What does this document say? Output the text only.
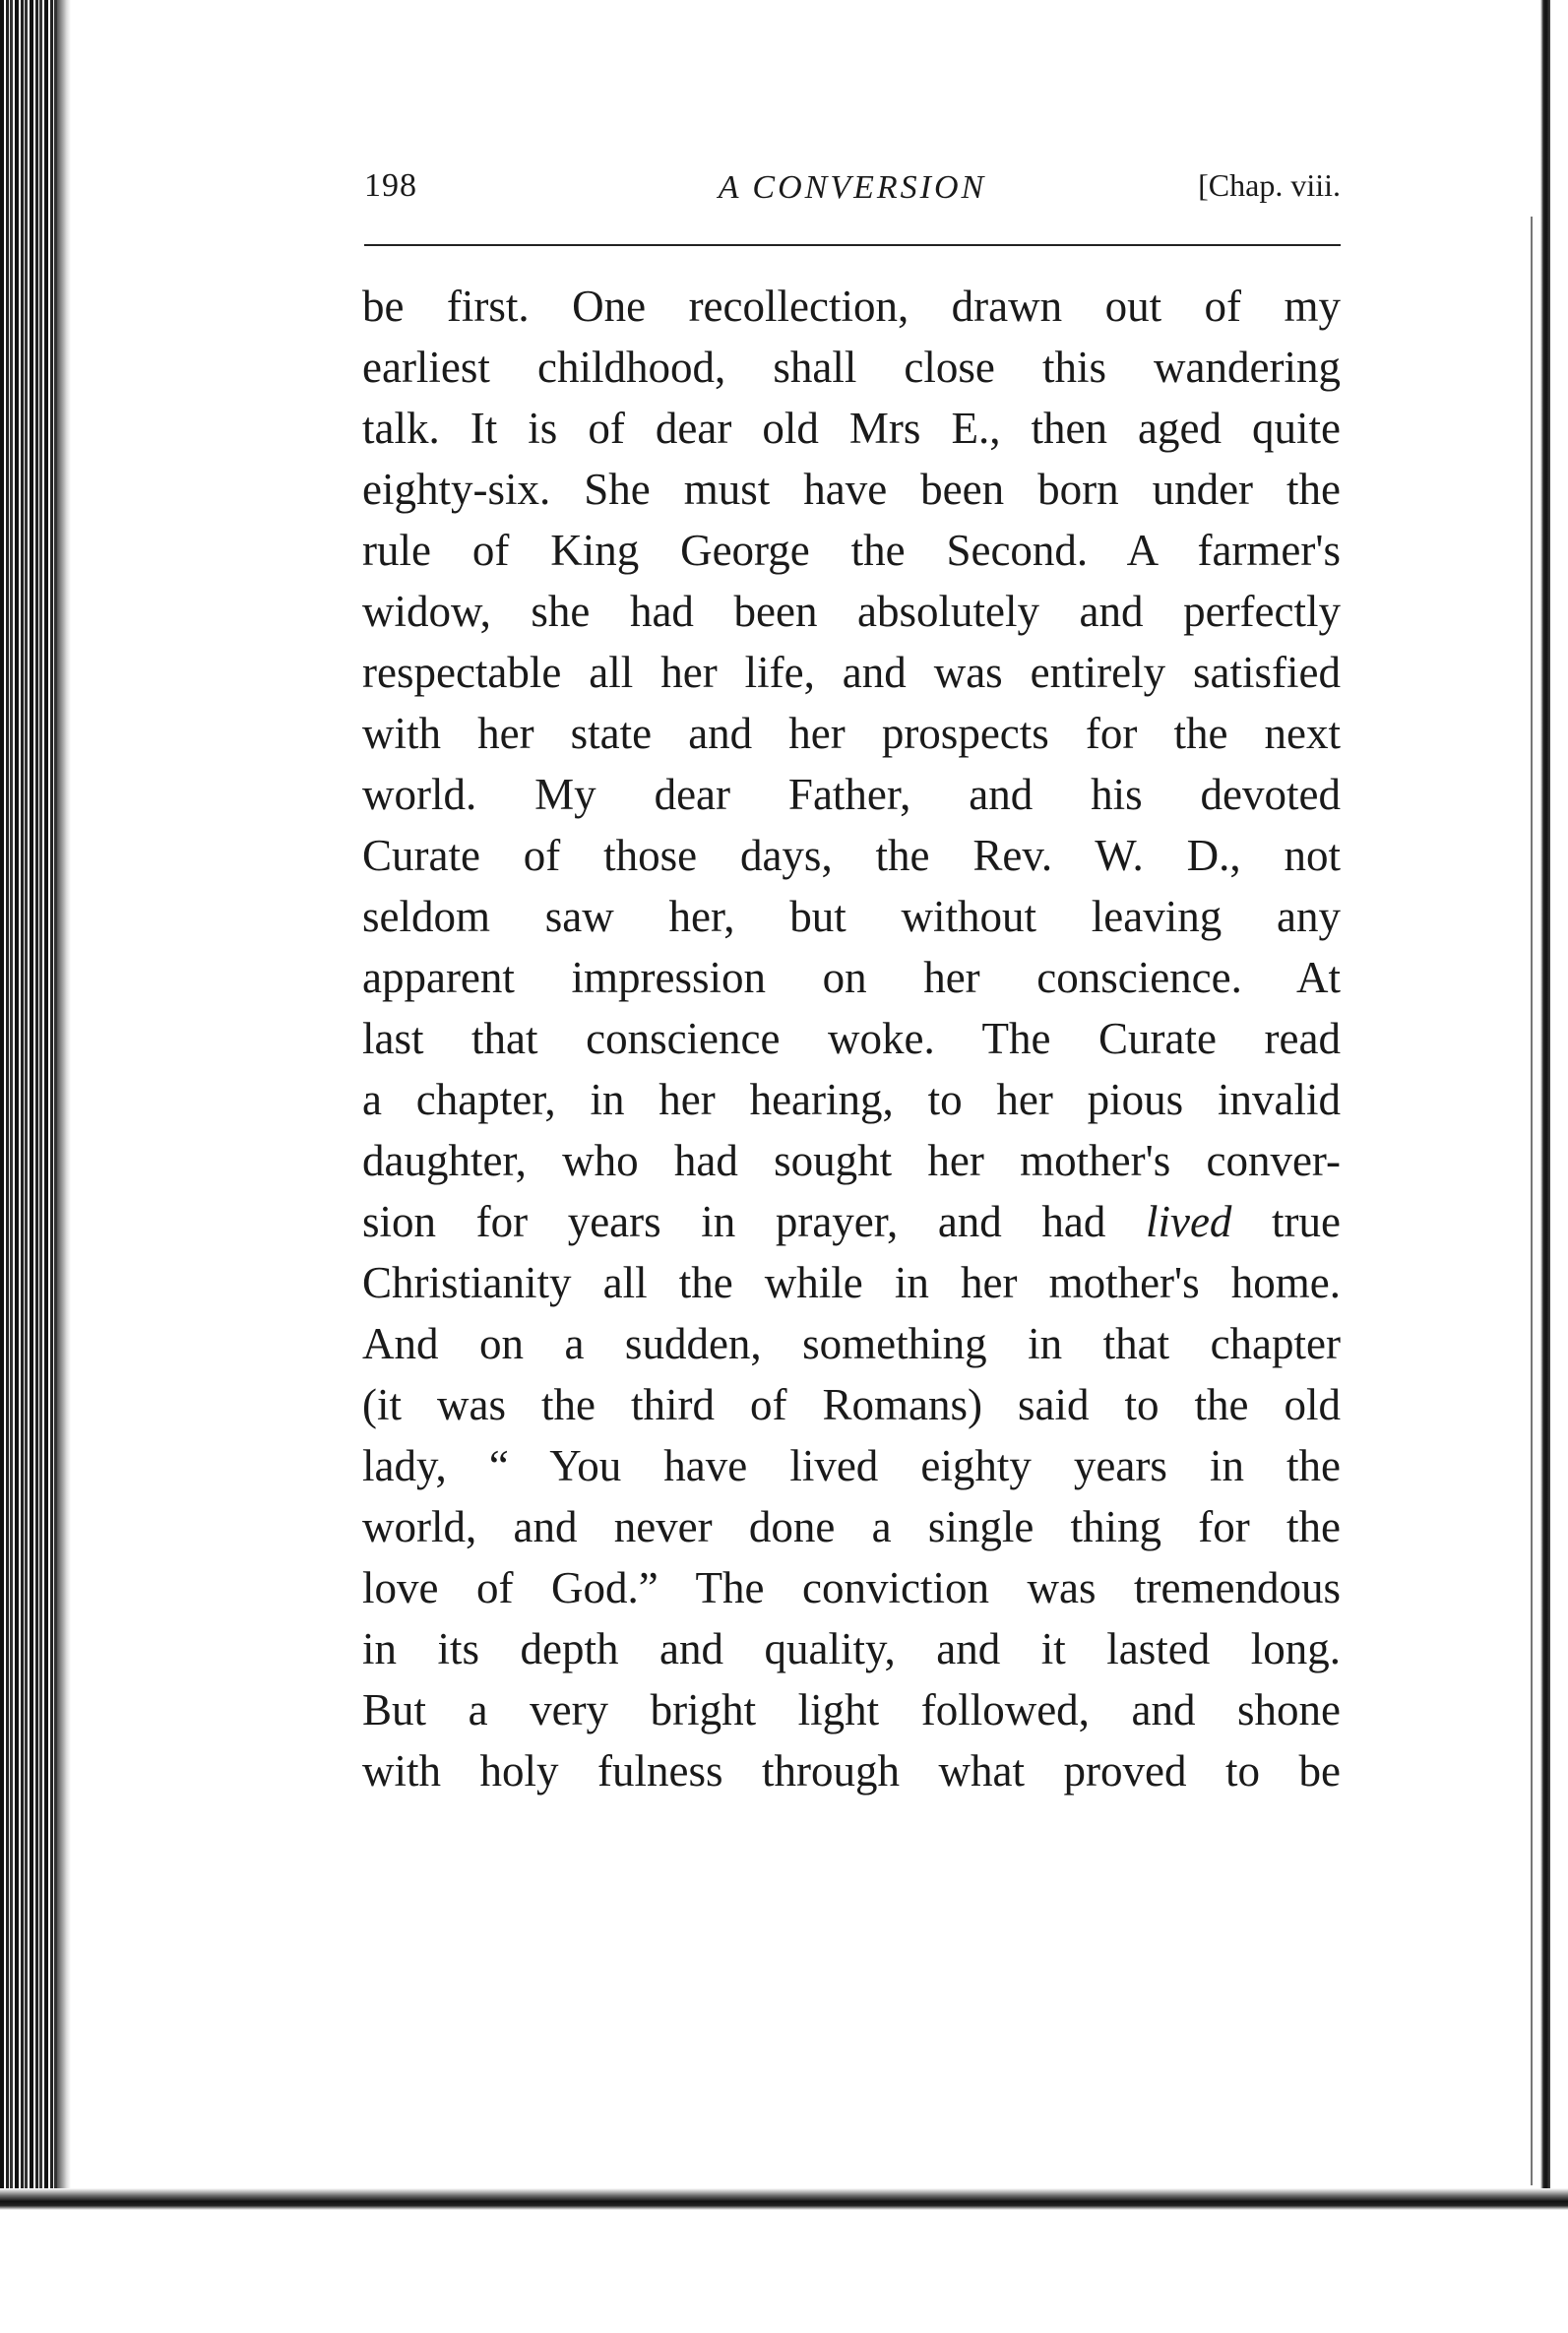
198	A CONVERSION	[Chap. viii.
be first. One recollection, drawn out of my
earliest childhood, shall close this wandering
talk. It is of dear old Mrs E., then aged quite
eighty-six. She must have been born under the
rule of King George the Second. A farmer's
widow, she had been absolutely and perfectly
respectable all her life, and was entirely satisfied
with her state and her prospects for the next
world. My dear Father, and his devoted
Curate of those days, the Rev. W. D., not
seldom saw her, but without leaving any
apparent impression on her conscience. At
last that conscience woke. The Curate read
a chapter, in her hearing, to her pious invalid
daughter, who had sought her mother's conver-
sion for years in prayer, and had lived true
Christianity all the while in her mother's home.
And on a sudden, something in that chapter
(it was the third of Romans) said to the old
lady, “ You have lived eighty years in the
world, and never done a single thing for the
love of God.” The conviction was tremendous
in its depth and quality, and it lasted long.
But a very bright light followed, and shone
with holy fulness through what proved to be
